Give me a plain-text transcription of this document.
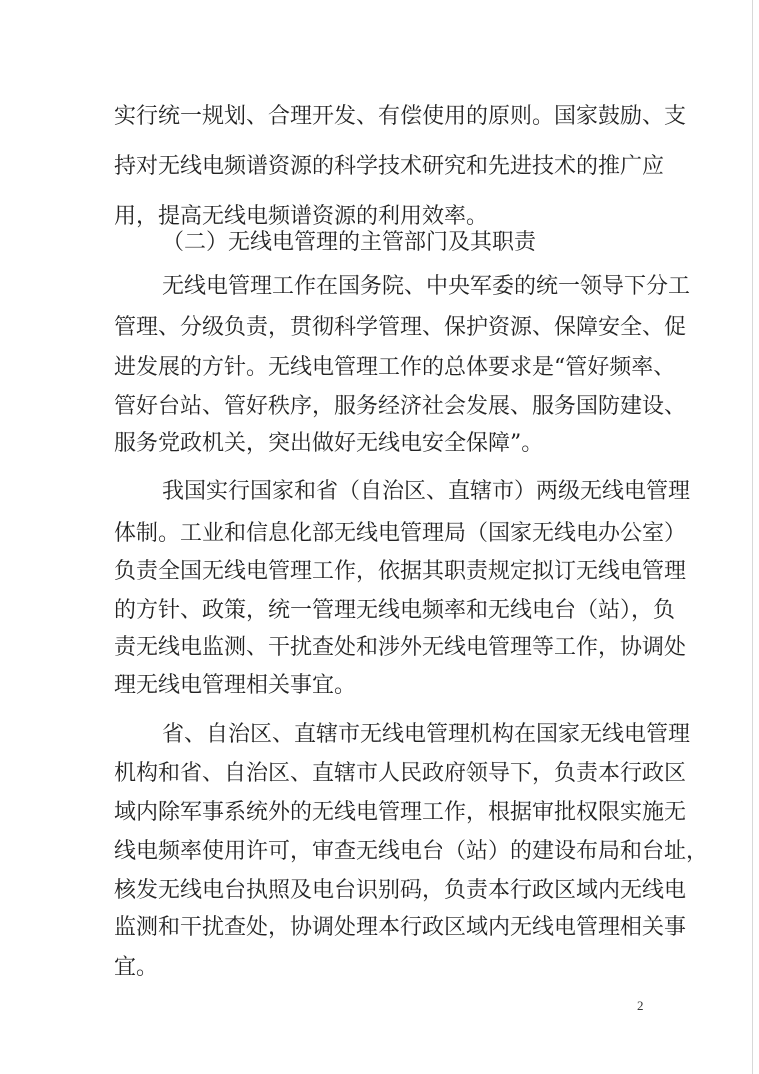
实行统一规划、合理开发、有偿使用的原则。国家鼓励、支
持对无线电频谱资源的科学技术研究和先进技术的推广应
用，提高无线电频谱资源的利用效率。
（二）无线电管理的主管部门及其职责
无线电管理工作在国务院、中央军委的统一领导下分工
管理、分级负责，贯彻科学管理、保护资源、保障安全、促
进发展的方针。无线电管理工作的总体要求是“管好频率、
管好台站、管好秩序，服务经济社会发展、服务国防建设、
服务党政机关，突出做好无线电安全保障”。
我国实行国家和省（自治区、直辖市）两级无线电管理
体制。工业和信息化部无线电管理局（国家无线电办公室）
负责全国无线电管理工作，依据其职责规定拟订无线电管理
的方针、政策，统一管理无线电频率和无线电台（站），负
责无线电监测、干扰查处和涉外无线电管理等工作，协调处
理无线电管理相关事宜。
省、自治区、直辖市无线电管理机构在国家无线电管理
机构和省、自治区、直辖市人民政府领导下，负责本行政区
域内除军事系统外的无线电管理工作，根据审批权限实施无
线电频率使用许可，审查无线电台（站）的建设布局和台址，
核发无线电台执照及电台识别码，负责本行政区域内无线电
监测和干扰查处，协调处理本行政区域内无线电管理相关事
宜。
2
